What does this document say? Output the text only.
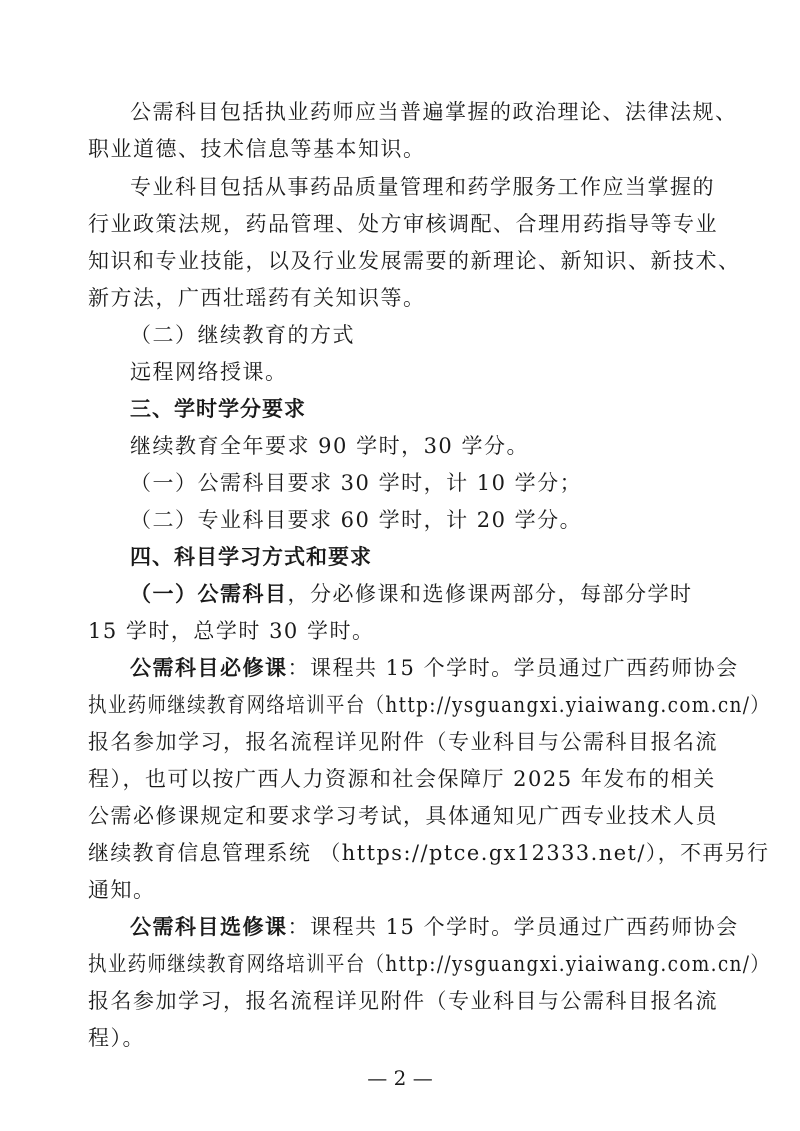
公需科目包括执业药师应当普遍掌握的政治理论、法律法规、
职业道德、技术信息等基本知识。
专业科目包括从事药品质量管理和药学服务工作应当掌握的
行业政策法规，药品管理、处方审核调配、合理用药指导等专业
知识和专业技能，以及行业发展需要的新理论、新知识、新技术、
新方法，广西壮瑶药有关知识等。
（二）继续教育的方式
远程网络授课。
三、学时学分要求
继续教育全年要求 90 学时，30 学分。
（一）公需科目要求 30 学时，计 10 学分；
（二）专业科目要求 60 学时，计 20 学分。
四、科目学习方式和要求
（一）公需科目，分必修课和选修课两部分，每部分学时
15 学时，总学时 30 学时。
公需科目必修课：课程共 15 个学时。学员通过广西药师协会
执业药师继续教育网络培训平台（http://ysguangxi.yiaiwang.com.cn/）
报名参加学习，报名流程详见附件（专业科目与公需科目报名流
程），也可以按广西人力资源和社会保障厅 2025 年发布的相关
公需必修课规定和要求学习考试，具体通知见广西专业技术人员
继续教育信息管理系统 （https://ptce.gx12333.net/），不再另行
通知。
公需科目选修课：课程共 15 个学时。学员通过广西药师协会
执业药师继续教育网络培训平台（http://ysguangxi.yiaiwang.com.cn/）
报名参加学习，报名流程详见附件（专业科目与公需科目报名流
程）。
— 2 —
